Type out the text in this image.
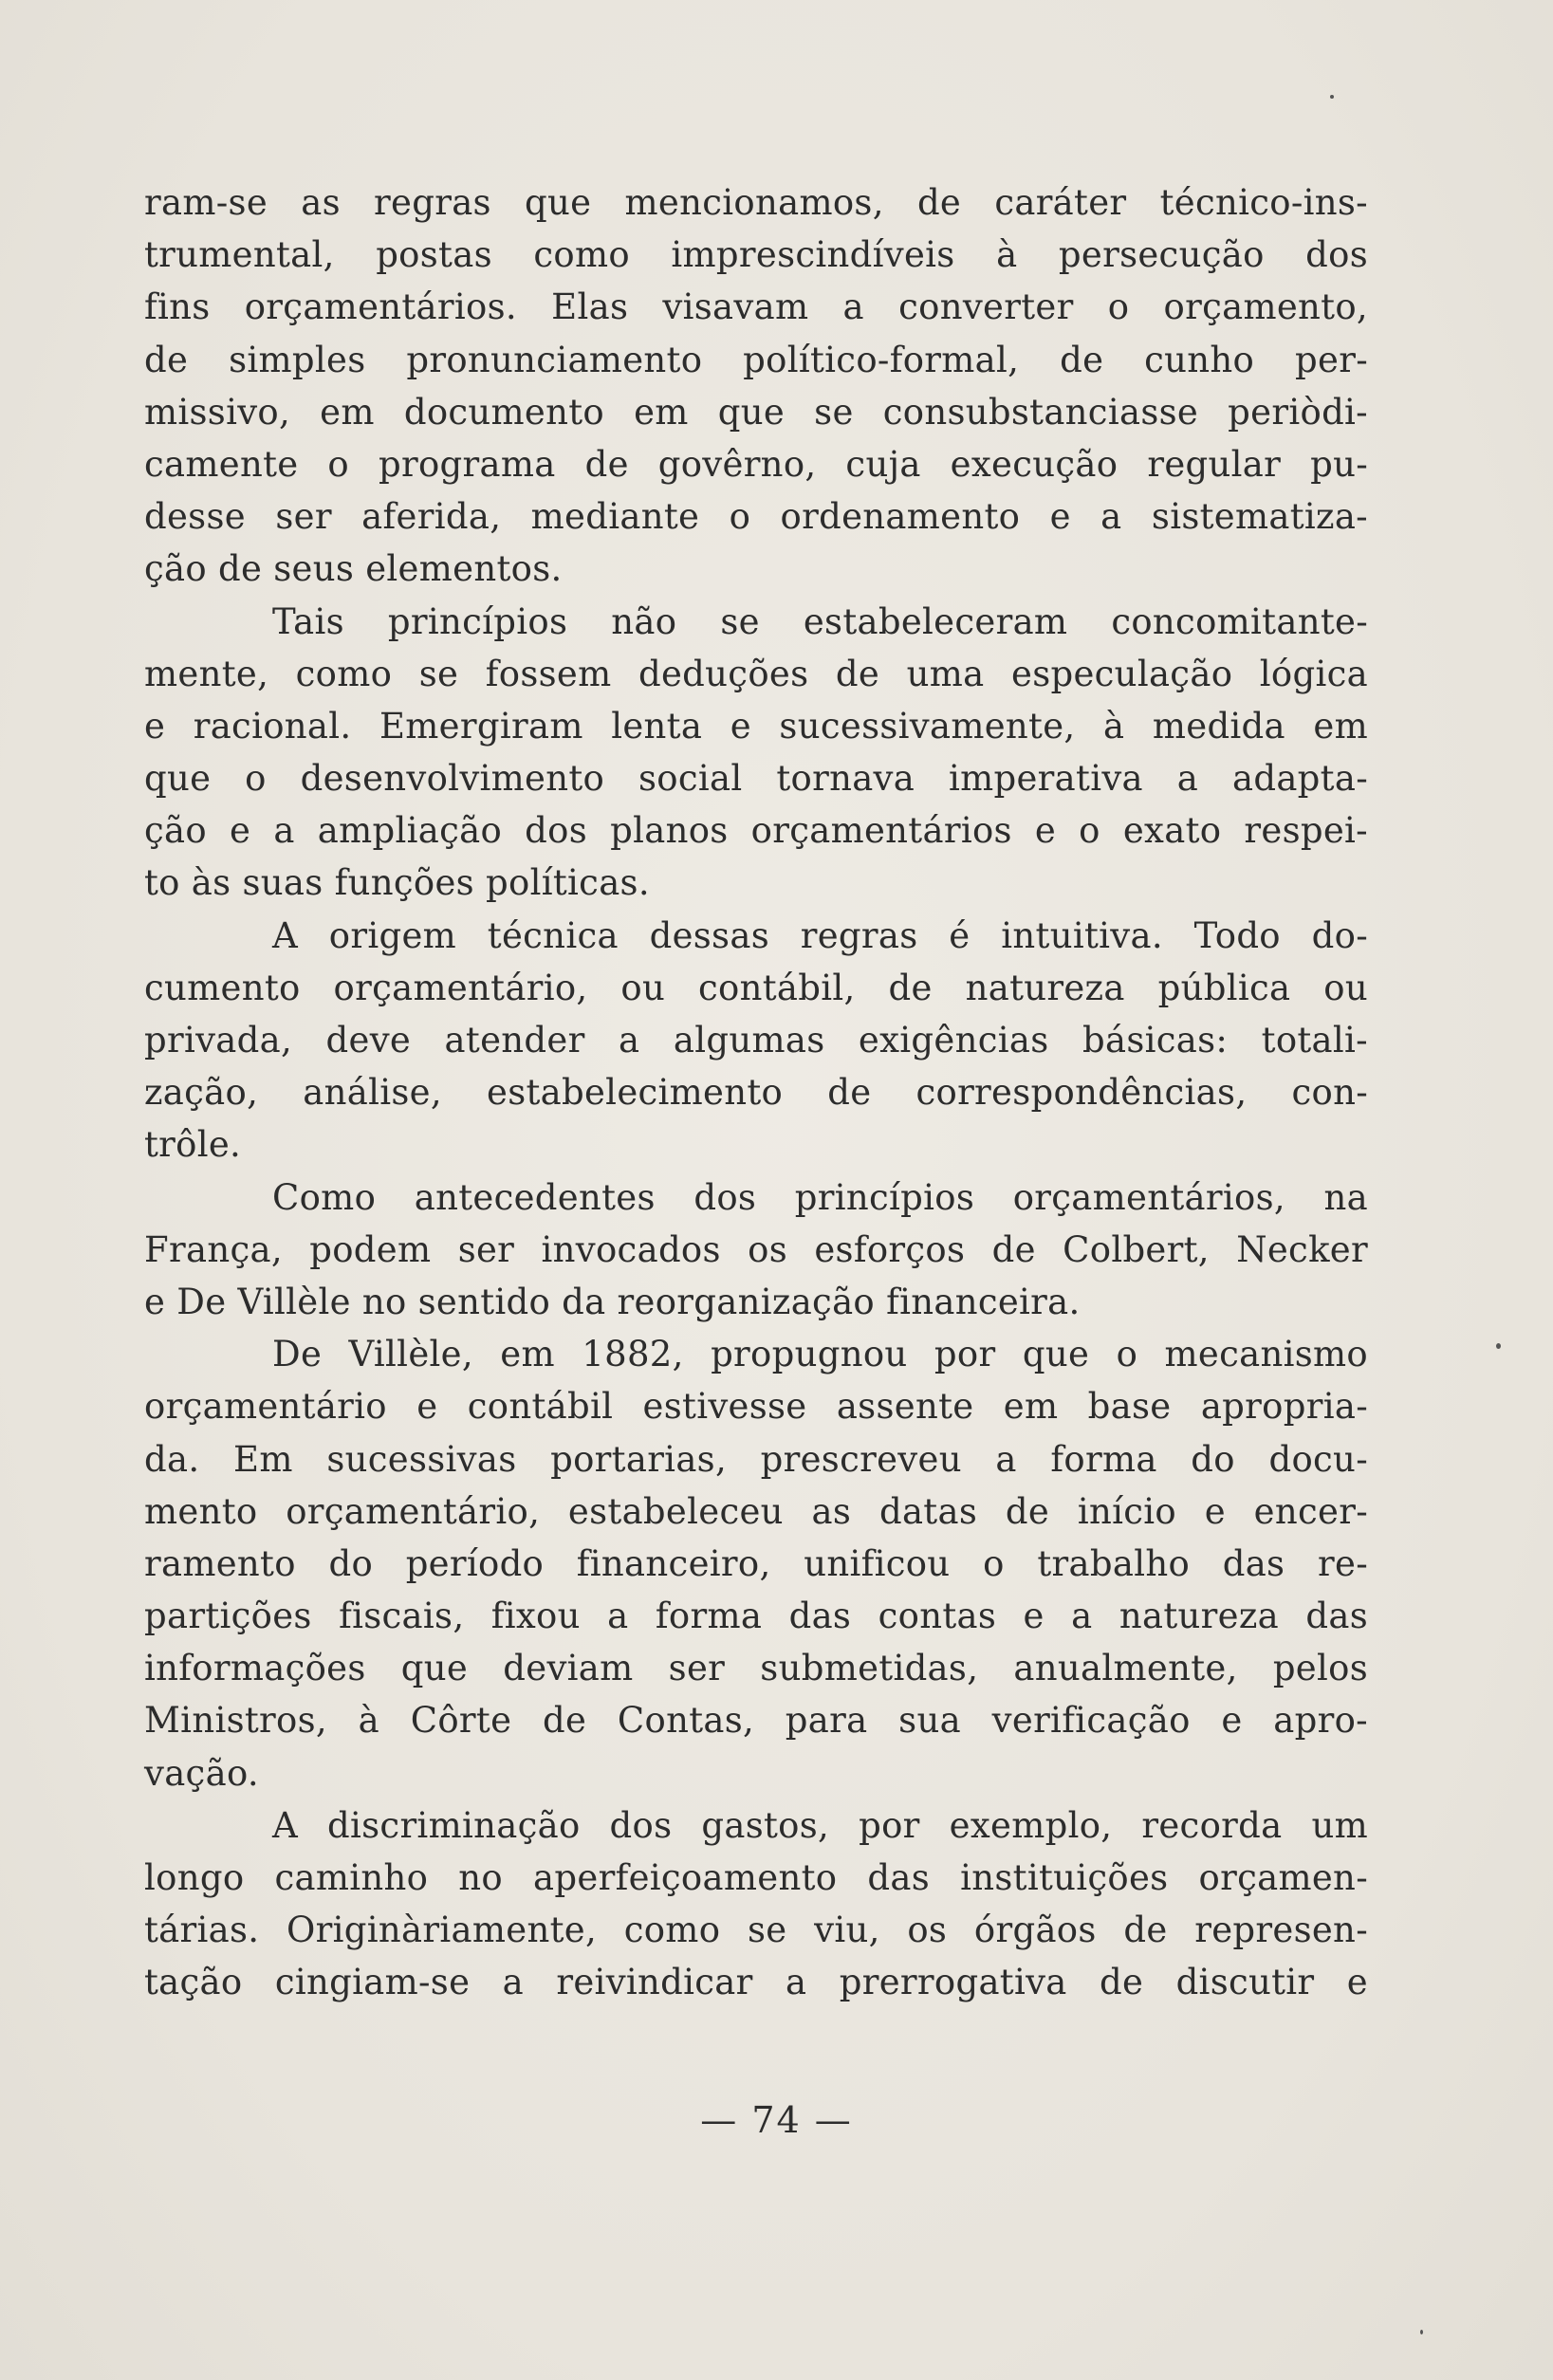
ram-se as regras que mencionamos, de caráter técnico-ins-
trumental, postas como imprescindíveis à persecução dos
fins orçamentários. Elas visavam a converter o orçamento,
de simples pronunciamento político-formal, de cunho per-
missivo, em documento em que se consubstanciasse periòdi-
camente o programa de govêrno, cuja execução regular pu-
desse ser aferida, mediante o ordenamento e a sistematiza-
ção de seus elementos.
Tais princípios não se estabeleceram concomitante-
mente, como se fossem deduções de uma especulação lógica
e racional. Emergiram lenta e sucessivamente, à medida em
que o desenvolvimento social tornava imperativa a adapta-
ção e a ampliação dos planos orçamentários e o exato respei-
to às suas funções políticas.
A origem técnica dessas regras é intuitiva. Todo do-
cumento orçamentário, ou contábil, de natureza pública ou
privada, deve atender a algumas exigências básicas: totali-
zação, análise, estabelecimento de correspondências, con-
trôle.
Como antecedentes dos princípios orçamentários, na
França, podem ser invocados os esforços de Colbert, Necker
e De Villèle no sentido da reorganização financeira.
De Villèle, em 1882, propugnou por que o mecanismo
orçamentário e contábil estivesse assente em base apropria-
da. Em sucessivas portarias, prescreveu a forma do docu-
mento orçamentário, estabeleceu as datas de início e encer-
ramento do período financeiro, unificou o trabalho das re-
partições fiscais, fixou a forma das contas e a natureza das
informações que deviam ser submetidas, anualmente, pelos
Ministros, à Côrte de Contas, para sua verificação e apro-
vação.
A discriminação dos gastos, por exemplo, recorda um
longo caminho no aperfeiçoamento das instituições orçamen-
tárias. Originàriamente, como se viu, os órgãos de represen-
tação cingiam-se a reivindicar a prerrogativa de discutir e
— 74 —
